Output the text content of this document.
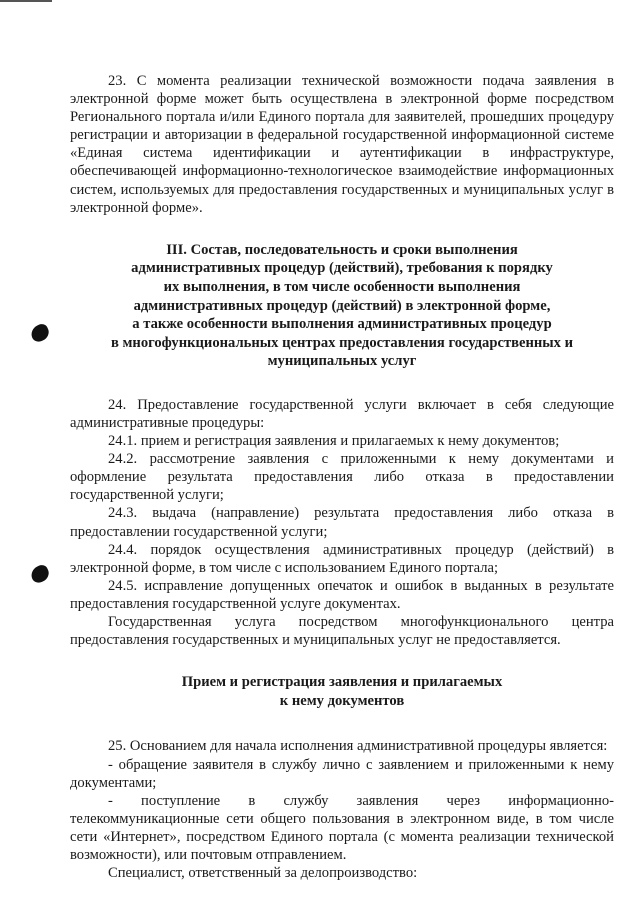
23. С момента реализации технической возможности подача заявления в электронной форме может быть осуществлена в электронной форме посредством Регионального портала и/или Единого портала для заявителей, прошедших процедуру регистрации и авторизации в федеральной государственной информационной системе «Единая система идентификации и аутентификации в инфраструктуре, обеспечивающей информационно-технологическое взаимодействие информационных систем, используемых для предоставления государственных и муниципальных услуг в электронной форме».

III. Состав, последовательность и сроки выполнения

административных процедур (действий), требования к порядку

их выполнения, в том числе особенности выполнения

административных процедур (действий) в электронной форме,

а также особенности выполнения административных процедур

в многофункциональных центрах предоставления государственных и

муниципальных услуг

24. Предоставление государственной услуги включает в себя следующие административные процедуры:

24.1. прием и регистрация заявления и прилагаемых к нему документов;

24.2. рассмотрение заявления с приложенными к нему документами и оформление результата предоставления либо отказа в предоставлении государственной услуги;

24.3. выдача (направление) результата предоставления либо отказа в предоставлении государственной услуги;

24.4. порядок осуществления административных процедур (действий) в электронной форме, в том числе с использованием Единого портала;

24.5. исправление допущенных опечаток и ошибок в выданных в результате предоставления государственной услуге документах.

Государственная услуга посредством многофункционального центра предоставления государственных и муниципальных услуг не предоставляется.

Прием и регистрация заявления и прилагаемых

к нему документов

25. Основанием для начала исполнения административной процедуры является:

- обращение заявителя в службу лично с заявлением и приложенными к нему документами;

- поступление в службу заявления через информационно-телекоммуникационные сети общего пользования в электронном виде, в том числе сети «Интернет», посредством Единого портала (с момента реализации технической возможности), или почтовым отправлением.

Специалист, ответственный за делопроизводство:
